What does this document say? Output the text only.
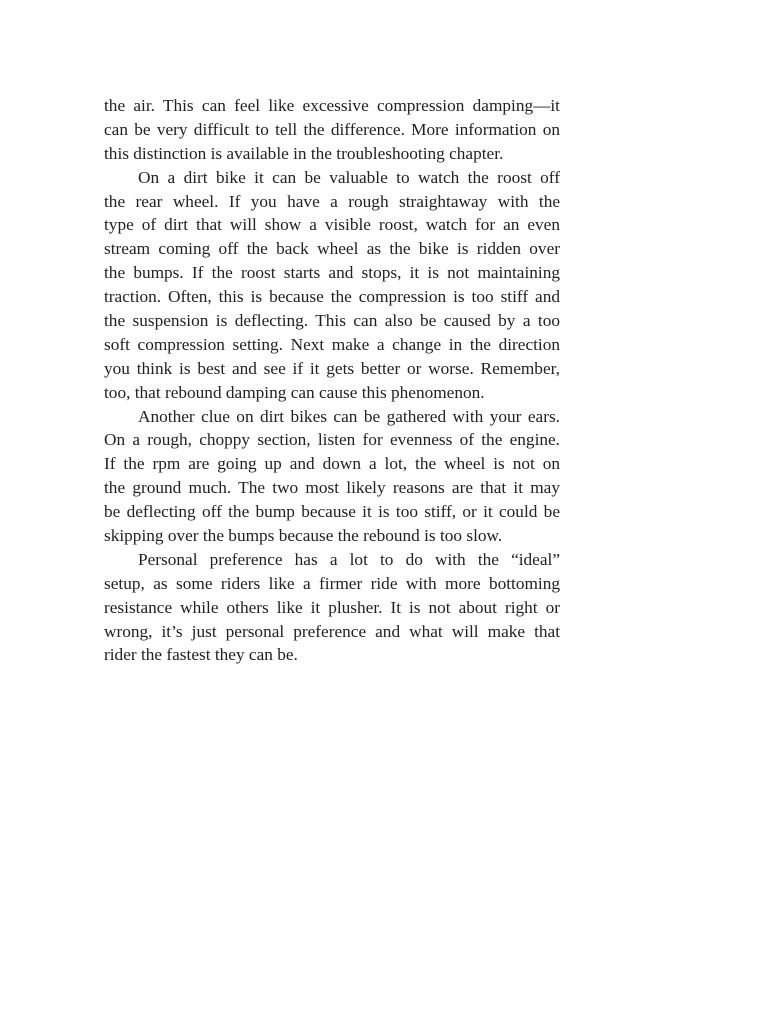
the air. This can feel like excessive compression damping—it
can be very difficult to tell the difference. More information on
this distinction is available in the troubleshooting chapter.
On a dirt bike it can be valuable to watch the roost off
the rear wheel. If you have a rough straightaway with the
type of dirt that will show a visible roost, watch for an even
stream coming off the back wheel as the bike is ridden over
the bumps. If the roost starts and stops, it is not maintaining
traction. Often, this is because the compression is too stiff and
the suspension is deflecting. This can also be caused by a too
soft compression setting. Next make a change in the direction
you think is best and see if it gets better or worse. Remember,
too, that rebound damping can cause this phenomenon.
Another clue on dirt bikes can be gathered with your ears.
On a rough, choppy section, listen for evenness of the engine.
If the rpm are going up and down a lot, the wheel is not on
the ground much. The two most likely reasons are that it may
be deflecting off the bump because it is too stiff, or it could be
skipping over the bumps because the rebound is too slow.
Personal preference has a lot to do with the “ideal”
setup, as some riders like a firmer ride with more bottoming
resistance while others like it plusher. It is not about right or
wrong, it’s just personal preference and what will make that
rider the fastest they can be.
